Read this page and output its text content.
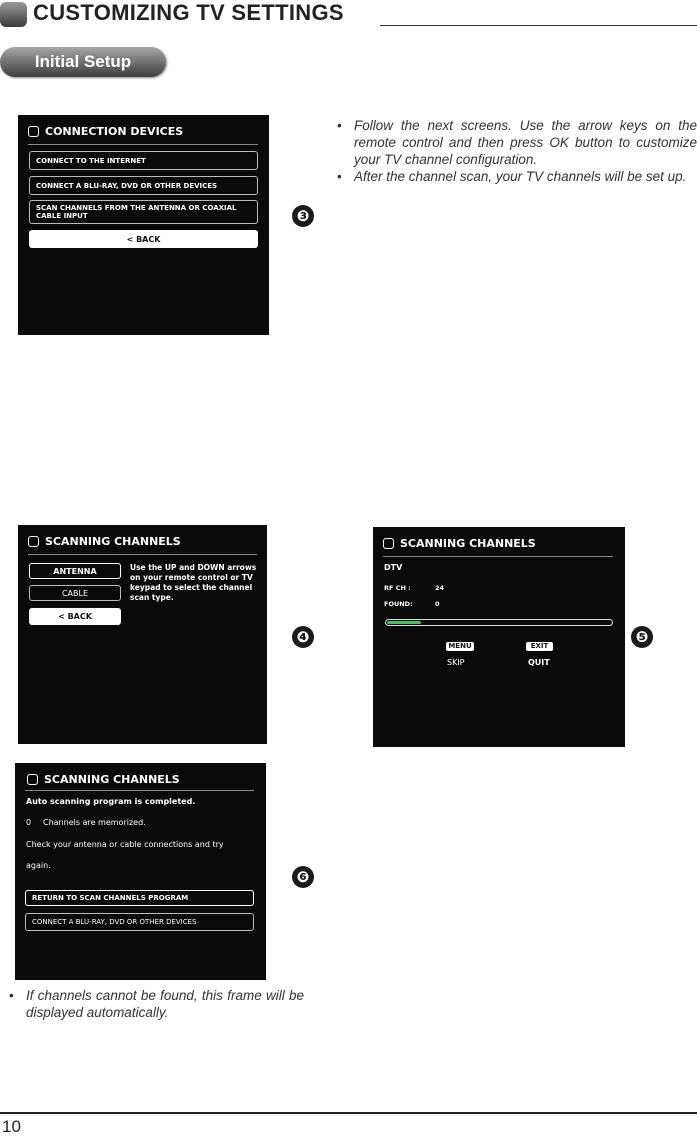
CUSTOMIZING TV SETTINGS
Initial Setup
CONNECTION DEVICES
CONNECT TO THE INTERNET
CONNECT A BLU-RAY, DVD OR OTHER DEVICES
SCAN CHANNELS FROM THE ANTENNA OR COAXIAL
CABLE INPUT
< BACK
❸
• Follow the next screens. Use the arrow keys on the remote control and then press OK button to customize your TV channel configuration.
• After the channel scan, your TV channels will be set up.
SCANNING CHANNELS
ANTENNA
CABLE
< BACK
Use the UP and DOWN arrows on your remote control or TV keypad to select the channel scan type.
❹
SCANNING CHANNELS
DTV
RF CH :	24
FOUND:	0
MENU
SKIP
EXIT
QUIT
❺
SCANNING CHANNELS
Auto scanning program is completed.
0 Channels are memorized.
Check your antenna or cable connections and try
again.
RETURN TO SCAN CHANNELS PROGRAM
CONNECT A BLU-RAY, DVD OR OTHER DEVICES
❻
• If channels cannot be found, this frame will be displayed automatically.
10
